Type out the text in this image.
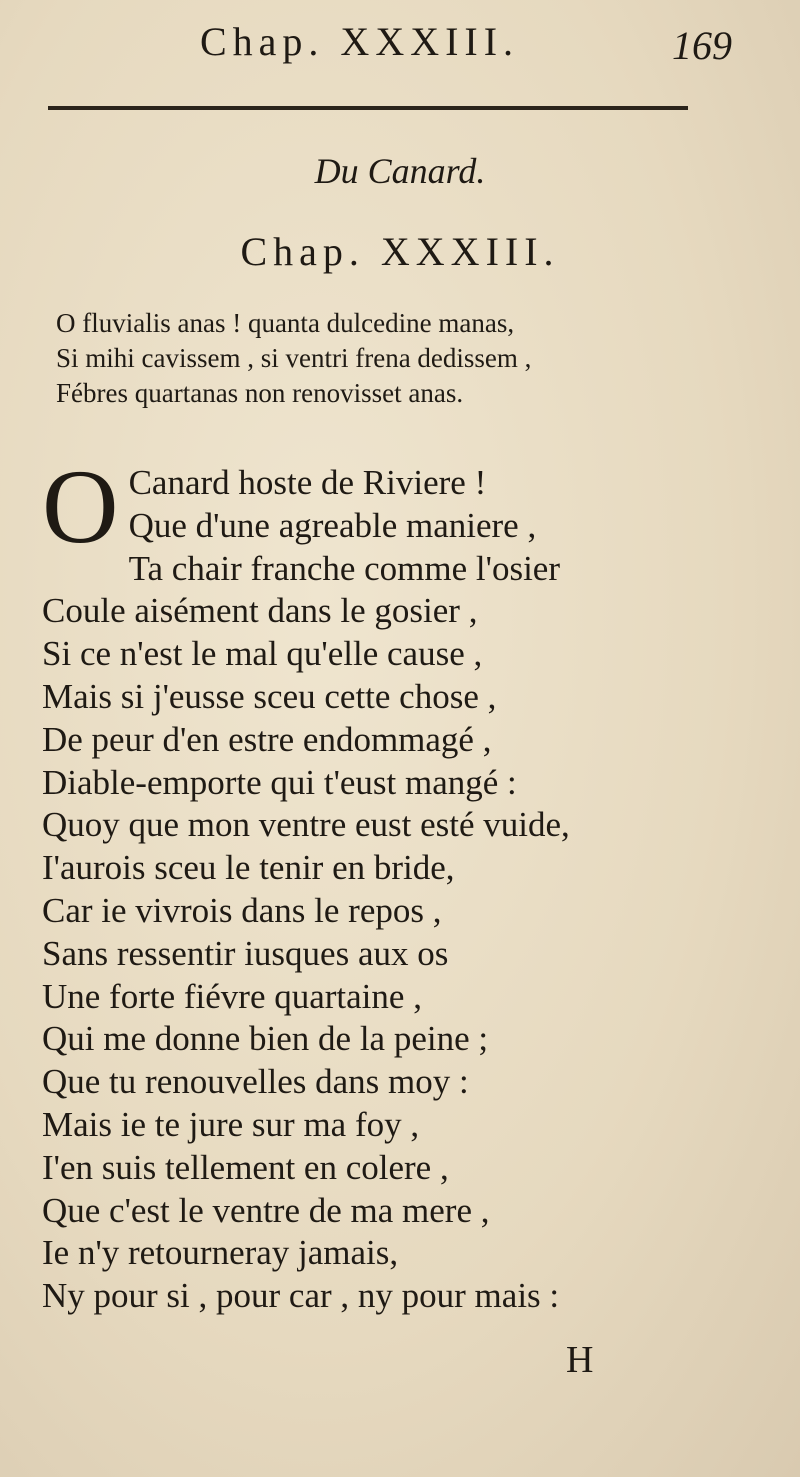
Chap. XXXIII.	169
Du Canard.
Chap. XXXIII.
O fluvialis anas ! quanta dulcedine manas,
Si mihi cavissem , si ventri frena dedissem ,
Fébres quartanas non renovisset anas.
O Canard hoste de Riviere !
Que d'une agreable maniere ,
Ta chair franche comme l'osier
Coule aisément dans le gosier ,
Si ce n'est le mal qu'elle cause ,
Mais si j'eusse sceu cette chose ,
De peur d'en estre endommagé ,
Diable-emporte qui t'eust mangé :
Quoy que mon ventre eust esté vuide,
I'aurois sceu le tenir en bride,
Car ie vivrois dans le repos ,
Sans ressentir iusques aux os
Une forte fiévre quartaine ,
Qui me donne bien de la peine ;
Que tu renouvelles dans moy :
Mais ie te jure sur ma foy ,
I'en suis tellement en colere ,
Que c'est le ventre de ma mere ,
Ie n'y retourneray jamais,
Ny pour si , pour car , ny pour mais :
H
